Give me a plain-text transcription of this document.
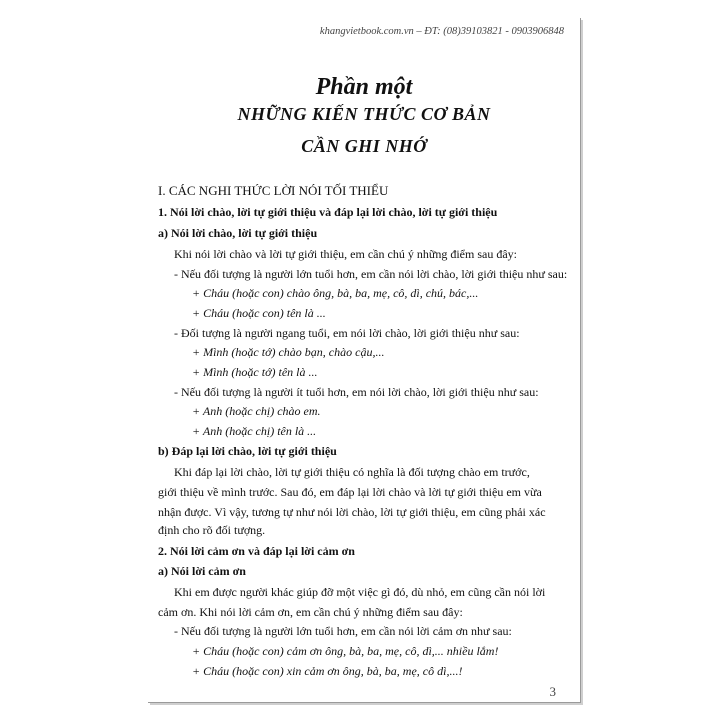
khangvietbook.com.vn – ĐT: (08)39103821 - 0903906848
Phần một
NHỮNG KIẾN THỨC CƠ BẢN
CẦN GHI NHỚ
I. CÁC NGHI THỨC LỜI NÓI TỐI THIỂU
1. Nói lời chào, lời tự giới thiệu và đáp lại lời chào, lời tự giới thiệu
a) Nói lời chào, lời tự giới thiệu
Khi nói lời chào và lời tự giới thiệu, em cần chú ý những điểm sau đây:
- Nếu đối tượng là người lớn tuổi hơn, em cần nói lời chào, lời giới thiệu như sau:
+ Cháu (hoặc con) chào ông, bà, ba, mẹ, cô, dì, chú, bác,...
+ Cháu (hoặc con) tên là ...
- Đối tượng là người ngang tuổi, em nói lời chào, lời giới thiệu như sau:
+ Mình (hoặc tớ) chào bạn, chào cậu,...
+ Mình (hoặc tớ) tên là ...
- Nếu đối tượng là người ít tuổi hơn, em nói lời chào, lời giới thiệu như sau:
+ Anh (hoặc chị) chào em.
+ Anh (hoặc chị) tên là ...
b) Đáp lại lời chào, lời tự giới thiệu
Khi đáp lại lời chào, lời tự giới thiệu có nghĩa là đối tượng chào em trước,
giới thiệu về mình trước. Sau đó, em đáp lại lời chào và lời tự giới thiệu em vừa
nhận được. Vì vậy, tương tự như nói lời chào, lời tự giới thiệu, em cũng phải xác
định cho rõ đối tượng.
2. Nói lời cảm ơn và đáp lại lời cảm ơn
a) Nói lời cảm ơn
Khi em được người khác giúp đỡ một việc gì đó, dù nhỏ, em cũng cần nói lời
cảm ơn. Khi nói lời cảm ơn, em cần chú ý những điểm sau đây:
- Nếu đối tượng là người lớn tuổi hơn, em cần nói lời cảm ơn như sau:
+ Cháu (hoặc con) cảm ơn ông, bà, ba, mẹ, cô, dì,... nhiều lắm!
+ Cháu (hoặc con) xin cảm ơn ông, bà, ba, mẹ, cô dì,...!
3
